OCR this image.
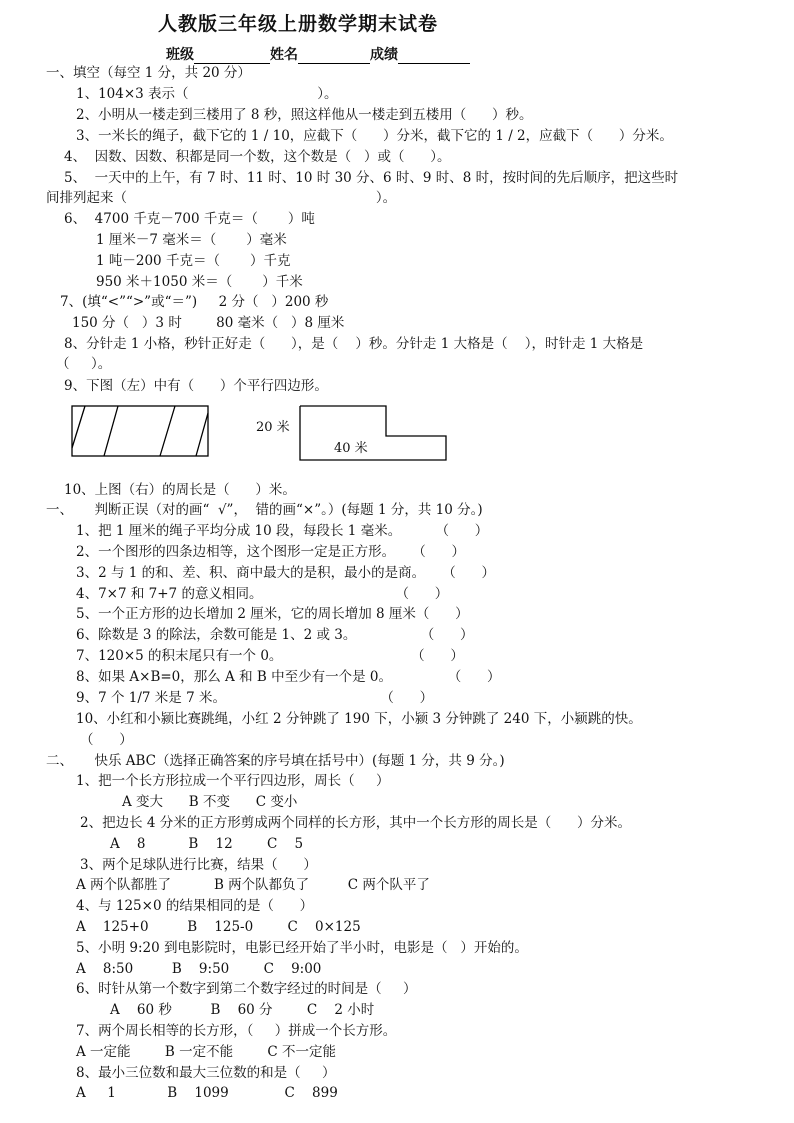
人教版三年级上册数学期末试卷
班级	姓名	成绩
一、填空（每空 1 分，共 20 分）
1、104×3 表示（                              ）。
2、小明从一楼走到三楼用了 8 秒，照这样他从一楼走到五楼用（      ）秒。
3、一米长的绳子，截下它的 1 / 10，应截下（      ）分米，截下它的 1 / 2，应截下（      ）分米。
4、  因数、因数、积都是同一个数，这个数是（   ）或（      ）。
5、  一天中的上午，有 7 时、11 时、10 时 30 分、6 时、9 时、8 时，按时间的先后顺序，把这些时
间排列起来（                                                          ）。
6、  4700 千克－700 千克＝（       ）吨
1 厘米－7 毫米＝（       ）毫米
1 吨－200 千克＝（       ）千克
950 米＋1050 米＝（       ）千米
7、(填“<”“>”或“＝”)     2 分（   ）200 秒
150 分（   ）3 时        80 毫米（   ）8 厘米
8、分针走 1 小格，秒针正好走（      ），是（    ）秒。分针走 1 大格是（    ），时针走 1 大格是
（     ）。
9、下图（左）中有（      ）个平行四边形。
10、上图（右）的周长是（      ）米。
一、     判断正误（对的画“  √”，  错的画“×”。）(每题 1 分，共 10 分。)
1、把 1 厘米的绳子平均分成 10 段，每段长 1 毫米。        （      ）
2、一个图形的四条边相等，这个图形一定是正方形。    （      ）
3、2 与 1 的和、差、积、商中最大的是积，最小的是商。    （      ）
4、7×7 和 7+7 的意义相同。                               （      ）
5、一个正方形的边长增加 2 厘米，它的周长增加 8 厘米（      ）
6、除数是 3 的除法，余数可能是 1、2 或 3。               （      ）
7、120×5 的积末尾只有一个 0。                              （      ）
8、如果 A×B=0，那么 A 和 B 中至少有一个是 0。             （      ）
9、7 个 1/7 米是 7 米。                                    （      ）
10、小红和小颍比赛跳绳，小红 2 分钟跳了 190 下，小颍 3 分钟跳了 240 下，小颍跳的快。
（      ）
二、     快乐 ABC（选择正确答案的序号填在括号中）(每题 1 分，共 9 分。)
1、把一个长方形拉成一个平行四边形，周长（     ）
A 变大      B 不变      C 变小
2、把边长 4 分米的正方形剪成两个同样的长方形，其中一个长方形的周长是（      ）分米。
A    8          B    12        C    5
3、两个足球队进行比赛，结果（      ）
A 两个队都胜了          B 两个队都负了         C 两个队平了
4、与 125×0 的结果相同的是（      ）
A    125+0         B    125-0        C    0×125
5、小明 9:20 到电影院时，电影已经开始了半小时，电影是（   ）开始的。
A    8:50         B    9:50        C    9:00
6、时针从第一个数字到第二个数字经过的时间是（     ）
A    60 秒         B    60 分        C    2 小时
7、两个周长相等的长方形，（     ）拼成一个长方形。
A 一定能        B 一定不能        C 不一定能
8、最小三位数和最大三位数的和是（     ）
A     1            B    1099             C    899
20 米
40 米
